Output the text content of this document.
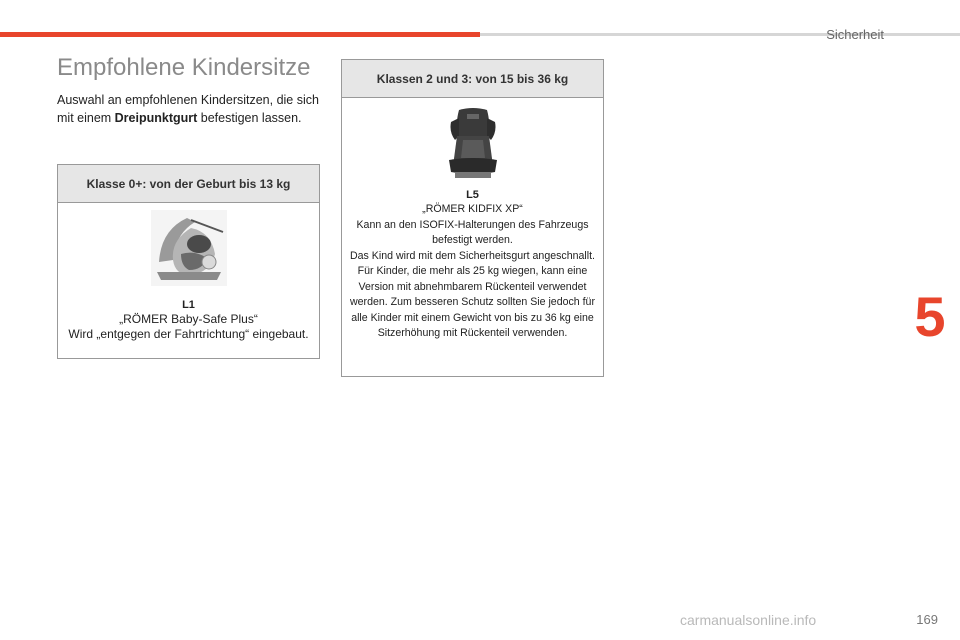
Sicherheit
5
Empfohlene Kindersitze
Auswahl an empfohlenen Kindersitzen, die sich mit einem Dreipunktgurt befestigen lassen.
Klasse 0+: von der Geburt bis 13 kg
L1
„RÖMER Baby-Safe Plus“
Wird „entgegen der Fahrtrichtung“ eingebaut.
Klassen 2 und 3: von 15 bis 36 kg
L5
„RÖMER KIDFIX XP“
Kann an den ISOFIX-Halterungen des Fahrzeugs
befestigt werden.
Das Kind wird mit dem Sicherheitsgurt angeschnallt.
Für Kinder, die mehr als 25 kg wiegen, kann eine
Version mit abnehmbarem Rückenteil verwendet
werden. Zum besseren Schutz sollten Sie jedoch für
alle Kinder mit einem Gewicht von bis zu 36 kg eine
Sitzerhöhung mit Rückenteil verwenden.
carmanualsonline.info	169
